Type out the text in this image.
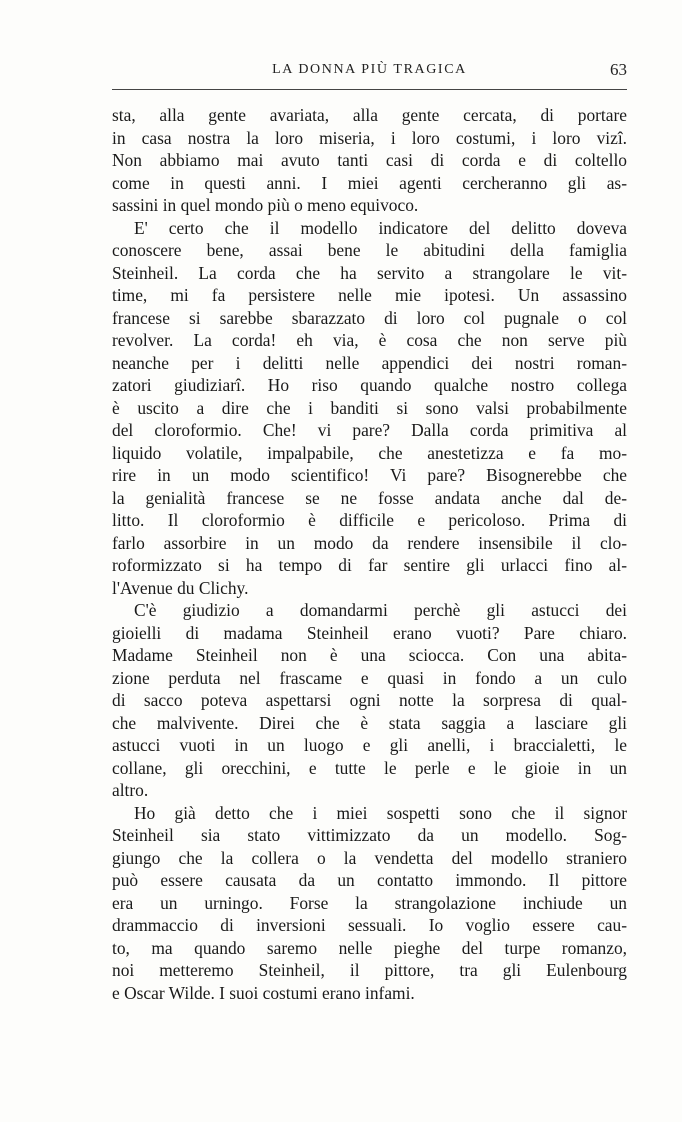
LA DONNA PIÙ TRAGICA	63
sta, alla gente avariata, alla gente cercata, di portare
in casa nostra la loro miseria, i loro costumi, i loro vizî.
Non abbiamo mai avuto tanti casi di corda e di coltello
come in questi anni. I miei agenti cercheranno gli as-
sassini in quel mondo più o meno equivoco.
E' certo che il modello indicatore del delitto doveva
conoscere bene, assai bene le abitudini della famiglia
Steinheil. La corda che ha servito a strangolare le vit-
time, mi fa persistere nelle mie ipotesi. Un assassino
francese si sarebbe sbarazzato di loro col pugnale o col
revolver. La corda! eh via, è cosa che non serve più
neanche per i delitti nelle appendici dei nostri roman-
zatori giudiziarî. Ho riso quando qualche nostro collega
è uscito a dire che i banditi si sono valsi probabilmente
del cloroformio. Che! vi pare? Dalla corda primitiva al
liquido volatile, impalpabile, che anestetizza e fa mo-
rire in un modo scientifico! Vi pare? Bisognerebbe che
la genialità francese se ne fosse andata anche dal de-
litto. Il cloroformio è difficile e pericoloso. Prima di
farlo assorbire in un modo da rendere insensibile il clo-
roformizzato si ha tempo di far sentire gli urlacci fino al-
l'Avenue du Clichy.
C'è giudizio a domandarmi perchè gli astucci dei
gioielli di madama Steinheil erano vuoti? Pare chiaro.
Madame Steinheil non è una sciocca. Con una abita-
zione perduta nel frascame e quasi in fondo a un culo
di sacco poteva aspettarsi ogni notte la sorpresa di qual-
che malvivente. Direi che è stata saggia a lasciare gli
astucci vuoti in un luogo e gli anelli, i braccialetti, le
collane, gli orecchini, e tutte le perle e le gioie in un
altro.
Ho già detto che i miei sospetti sono che il signor
Steinheil sia stato vittimizzato da un modello. Sog-
giungo che la collera o la vendetta del modello straniero
può essere causata da un contatto immondo. Il pittore
era un urningo. Forse la strangolazione inchiude un
drammaccio di inversioni sessuali. Io voglio essere cau-
to, ma quando saremo nelle pieghe del turpe romanzo,
noi metteremo Steinheil, il pittore, tra gli Eulenbourg
e Oscar Wilde. I suoi costumi erano infami.
